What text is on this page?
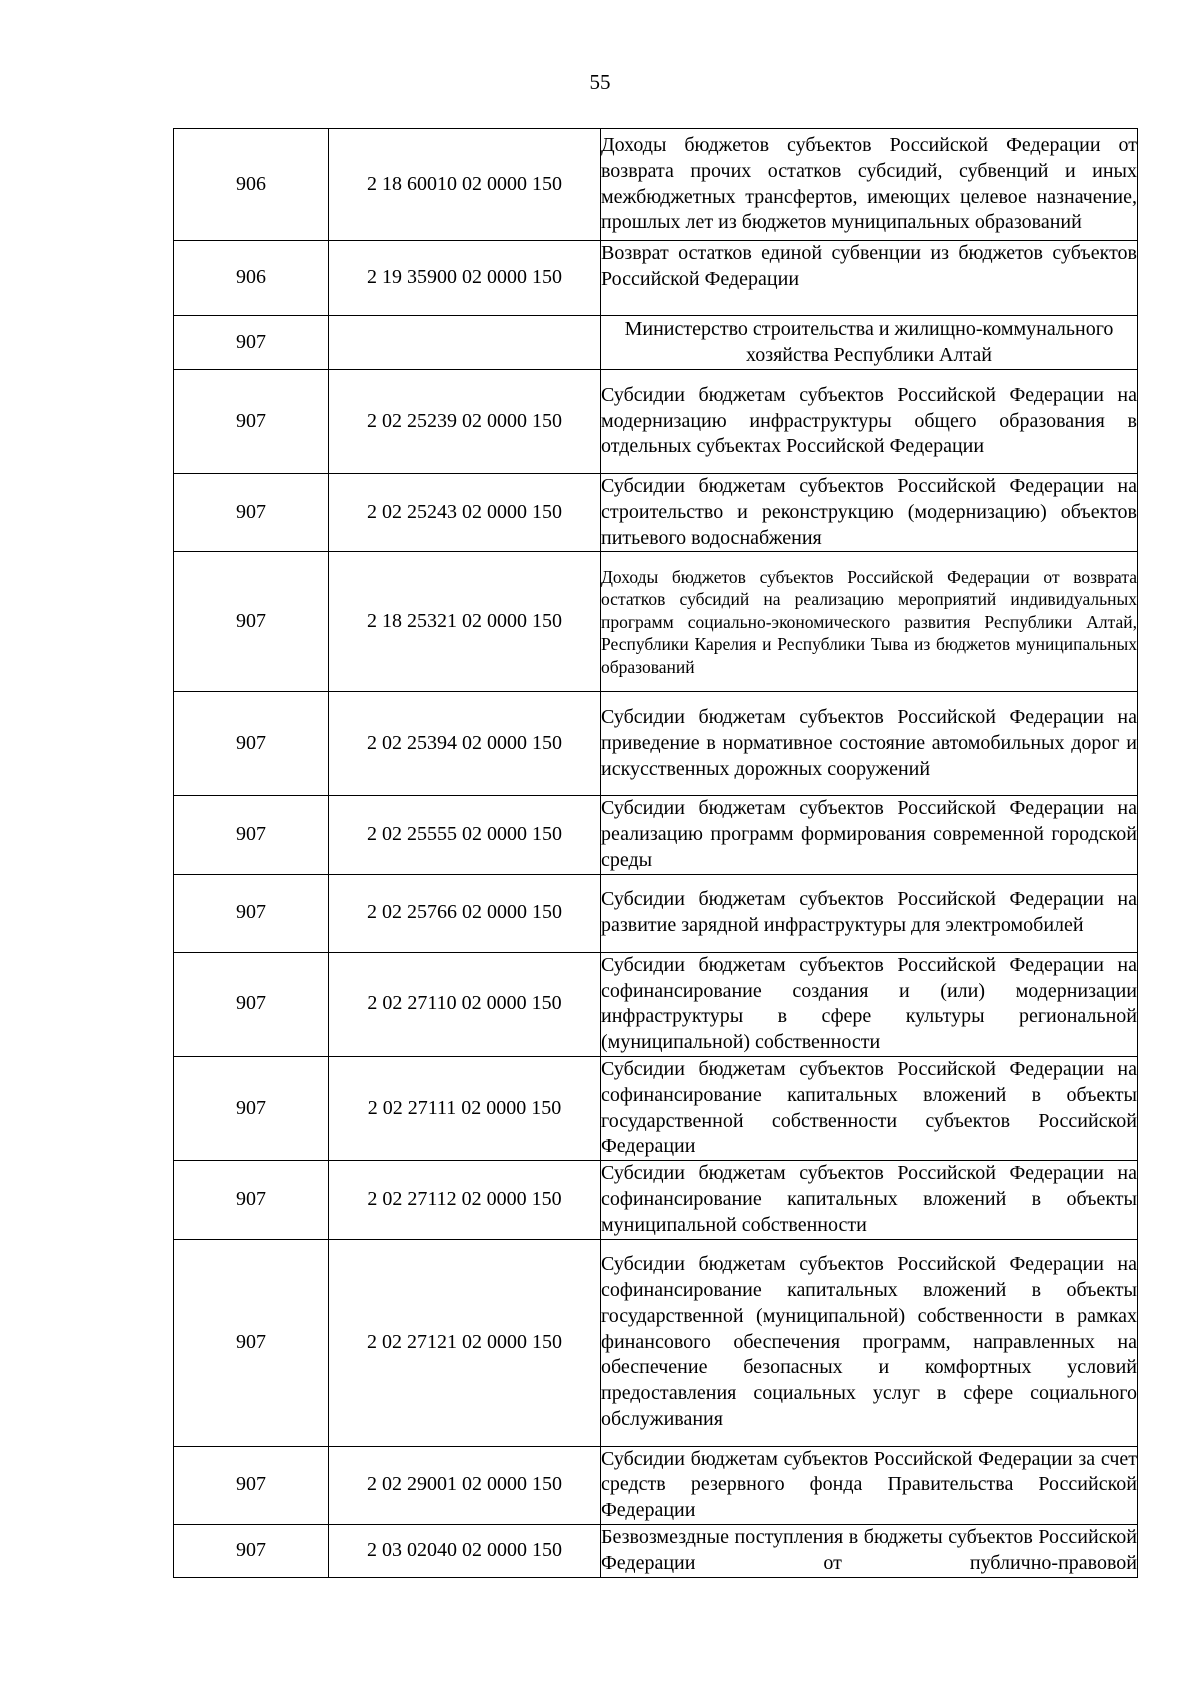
55
906	2 18 60010 02 0000 150	Доходы бюджетов субъектов Российской Федерации от возврата прочих остатков субсидий, субвенций и иных межбюджетных трансфертов, имеющих целевое назначение, прошлых лет из бюджетов муниципальных образований

906	2 19 35900 02 0000 150	Возврат остатков единой субвенции из бюджетов субъектов Российской Федерации

907		Министерство строительства и жилищно-коммунального хозяйства Республики Алтай

907	2 02 25239 02 0000 150	Субсидии бюджетам субъектов Российской Федерации на модернизацию инфраструктуры общего образования в отдельных субъектах Российской Федерации

907	2 02 25243 02 0000 150	Субсидии бюджетам субъектов Российской Федерации на строительство и реконструкцию (модернизацию) объектов питьевого водоснабжения

907	2 18 25321 02 0000 150	Доходы бюджетов субъектов Российской Федерации от возврата остатков субсидий на реализацию мероприятий индивидуальных программ социально-экономического развития Республики Алтай, Республики Карелия и Республики Тыва из бюджетов муниципальных образований

907	2 02 25394 02 0000 150	Субсидии бюджетам субъектов Российской Федерации на приведение в нормативное состояние автомобильных дорог и искусственных дорожных сооружений

907	2 02 25555 02 0000 150	Субсидии бюджетам субъектов Российской Федерации на реализацию программ формирования современной городской среды

907	2 02 25766 02 0000 150	Субсидии бюджетам субъектов Российской Федерации на развитие зарядной инфраструктуры для электромобилей

907	2 02 27110 02 0000 150	Субсидии бюджетам субъектов Российской Федерации на софинансирование создания и (или) модернизации инфраструктуры в сфере культуры региональной (муниципальной) собственности

907	2 02 27111 02 0000 150	Субсидии бюджетам субъектов Российской Федерации на софинансирование капитальных вложений в объекты государственной собственности субъектов Российской Федерации

907	2 02 27112 02 0000 150	Субсидии бюджетам субъектов Российской Федерации на софинансирование капитальных вложений в объекты муниципальной собственности

907	2 02 27121 02 0000 150	Субсидии бюджетам субъектов Российской Федерации на софинансирование капитальных вложений в объекты государственной (муниципальной) собственности в рамках финансового обеспечения программ, направленных на обеспечение безопасных и комфортных условий предоставления социальных услуг в сфере социального обслуживания

907	2 02 29001 02 0000 150	Субсидии бюджетам субъектов Российской Федерации за счет средств резервного фонда Правительства Российской Федерации

907	2 03 02040 02 0000 150	Безвозмездные поступления в бюджеты субъектов Российской Федерации от публично-правовой
